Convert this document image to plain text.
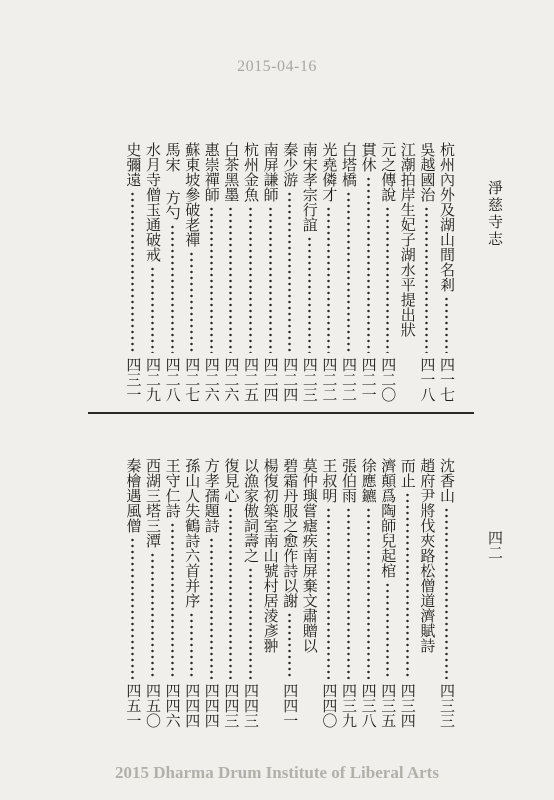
2015-04-16
淨慈寺志
四二
杭州內外及湖山間名剎
四一七
吳越國治
四一八
江潮拍岸生妃子湖水平提出狀
元之傳說
四二〇
貫休
四二一
白塔橋
四二二
光堯僯才
四二二
南宋孝宗行誼
四二三
秦少游
四二四
南屏謙師
四二四
杭州金魚
四二五
白茶黑墨
四二六
惠崇禪師
四二六
蘇東坡參破老禪
四二七
馬宋 方勺
四二八
水月寺僧玉通破戒
四二九
史彌遠
四三一
沈香山
四三三
趙府尹將伐夾路松僧道濟賦詩
而止
四三四
濟顛爲陶師兒起棺
四三五
徐應鑣
四三八
張伯雨
四三九
王叔明
四四〇
莫仲璵嘗瘧疾南屏棄文肅贈以
碧霜丹服之愈作詩以謝
四四一
楊復初築室南山號村居淩彥翀
以漁家傲詞壽之
四四三
復見心
四四三
方孝孺題詩
四四四
孫山人失鶴詩六首并序
四四四
王守仁詩
四四六
西湖三塔三潭
四五〇
秦檜遇風僧
四五一
2015 Dharma Drum Institute of Liberal Arts
